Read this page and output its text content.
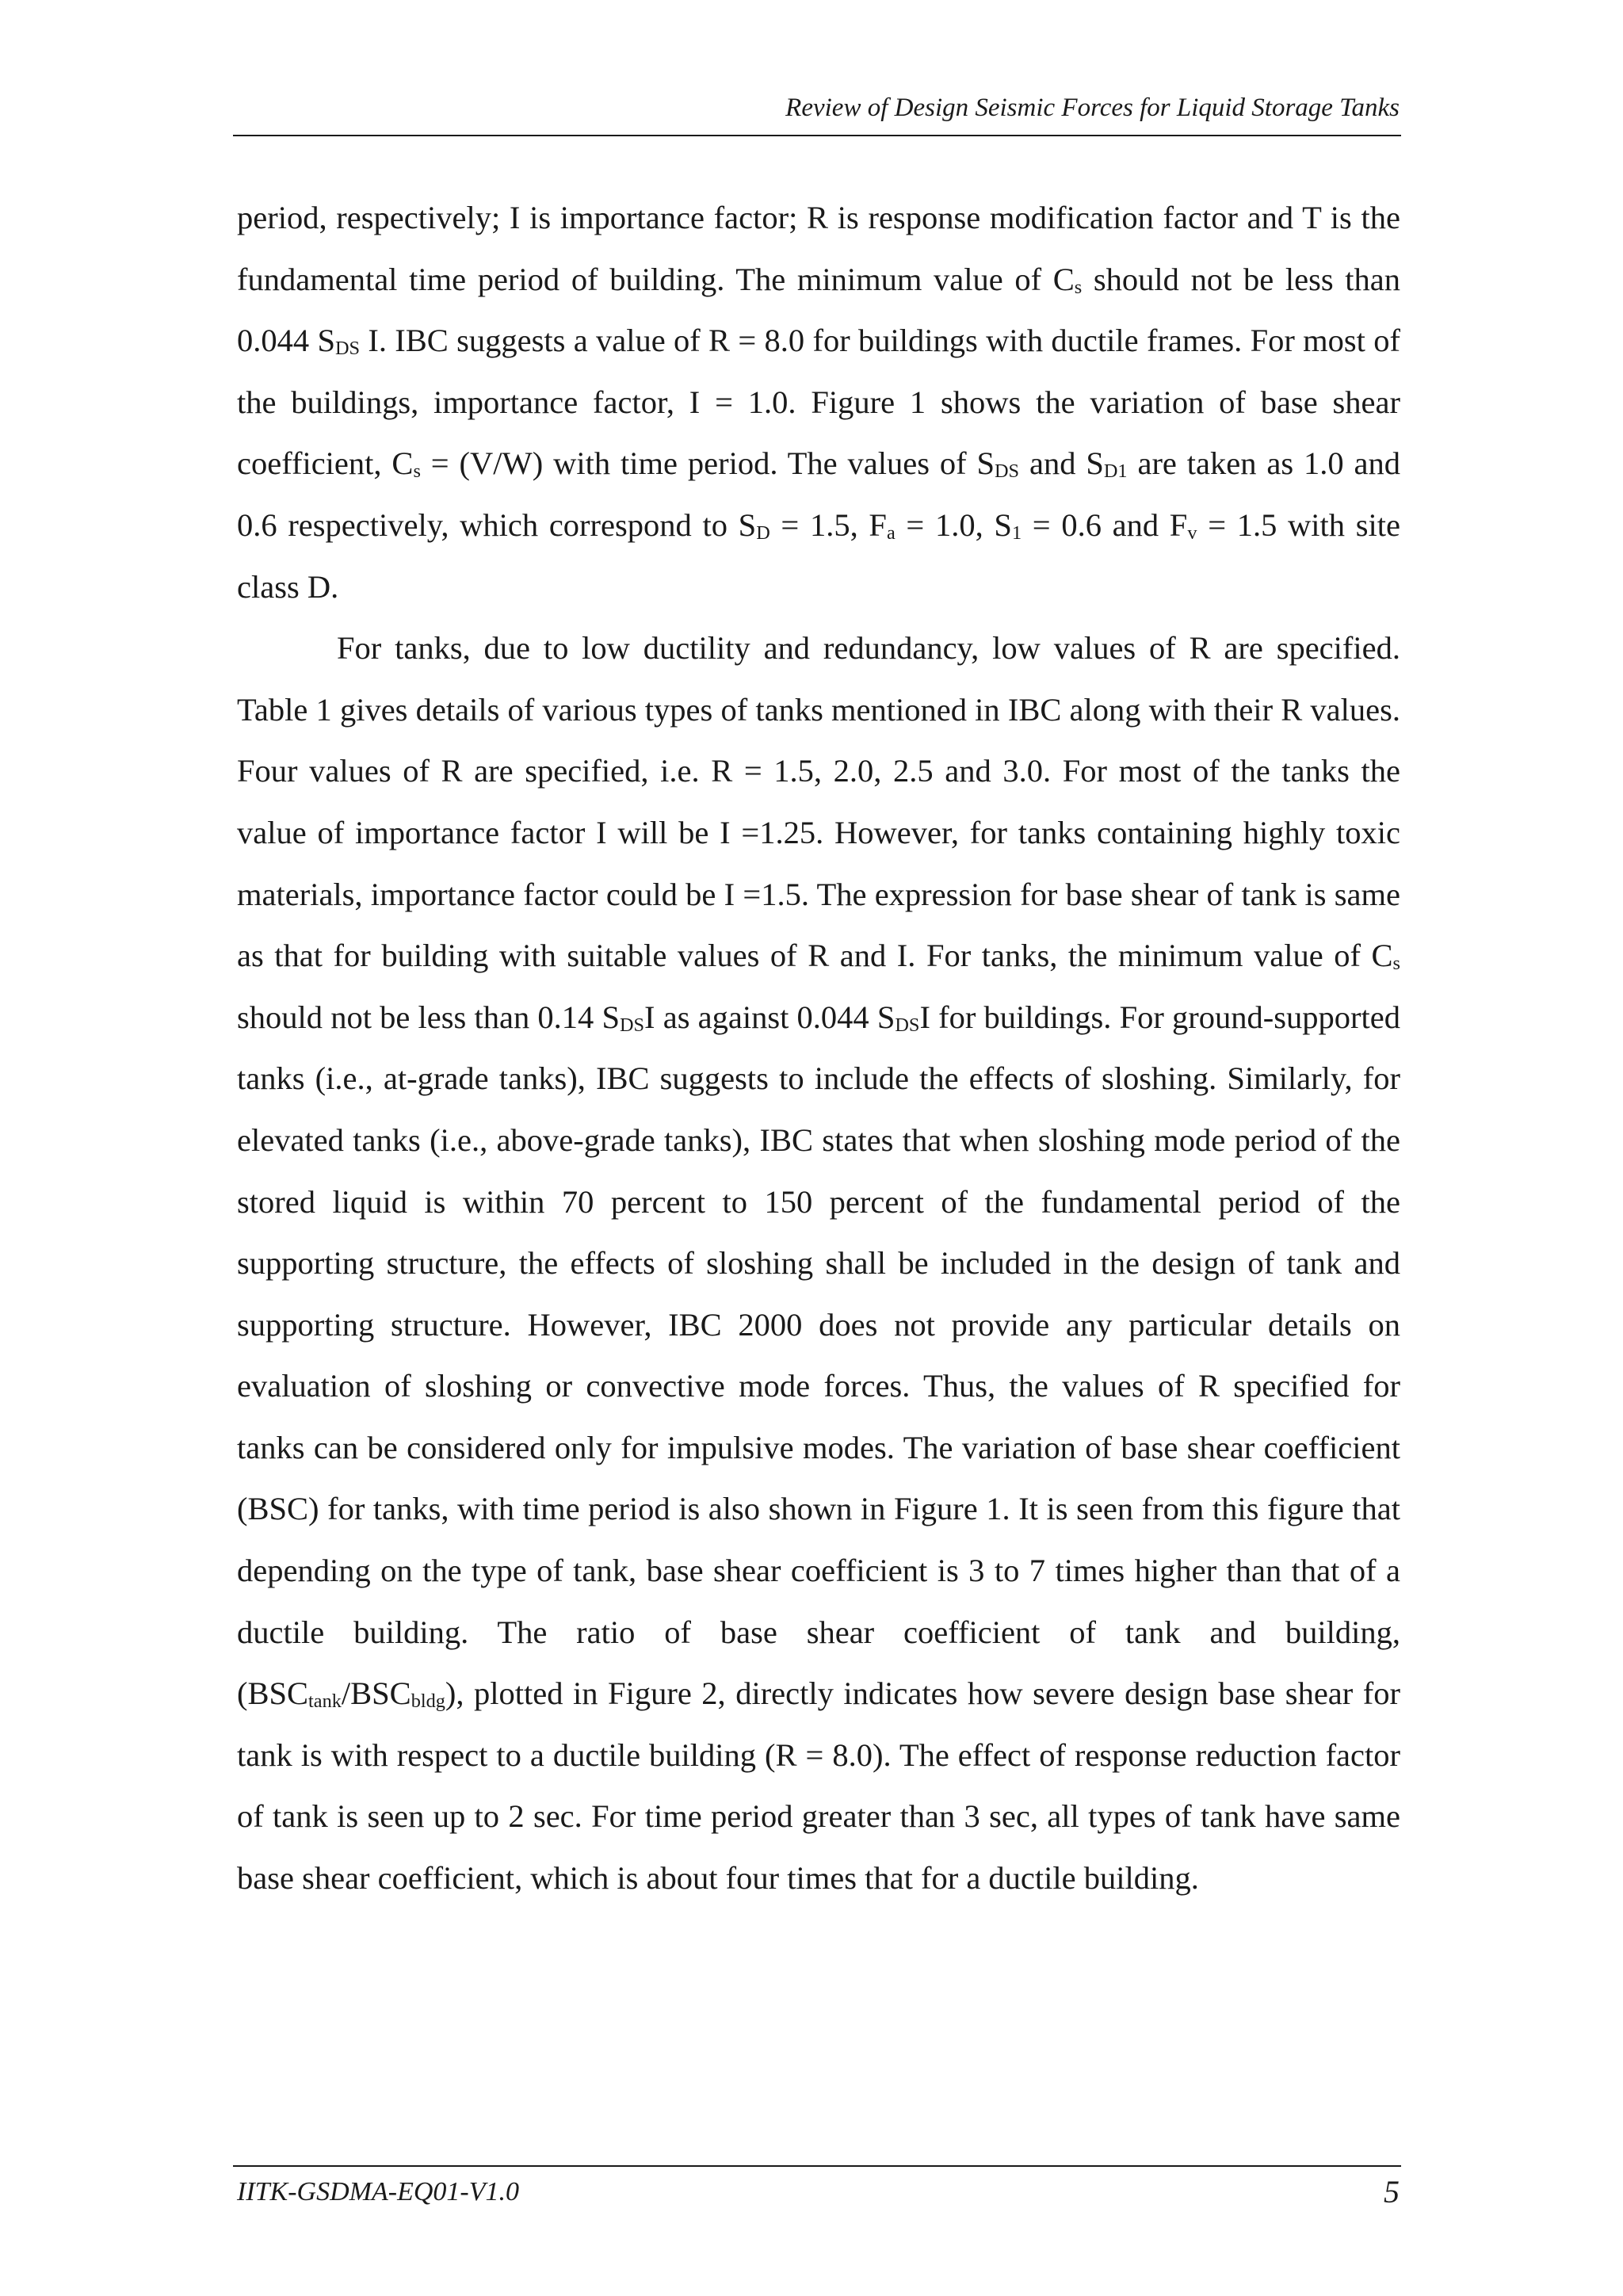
Review of Design Seismic Forces for Liquid Storage Tanks

period, respectively; I is importance factor; R is response modification factor and T is the fundamental time period of building. The minimum value of $C_s$ should not be less than 0.044 $S_{DS}$ I. IBC suggests a value of R = 8.0 for buildings with ductile frames. For most of the buildings, importance factor, I = 1.0. Figure 1 shows the variation of base shear coefficient, $C_s = (V/W)$ with time period. The values of $S_{DS}$ and $S_{D1}$ are taken as 1.0 and 0.6 respectively, which correspond to $S_D = 1.5$, $F_a = 1.0$, $S_1 = 0.6$ and $F_v = 1.5$ with site class D.

For tanks, due to low ductility and redundancy, low values of R are specified. Table 1 gives details of various types of tanks mentioned in IBC along with their R values. Four values of R are specified, i.e. R = 1.5, 2.0, 2.5 and 3.0. For most of the tanks the value of importance factor I will be I =1.25. However, for tanks containing highly toxic materials, importance factor could be I =1.5. The expression for base shear of tank is same as that for building with suitable values of R and I. For tanks, the minimum value of $C_s$ should not be less than 0.14 $S_{DS}I$ as against 0.044 $S_{DS}I$ for buildings. For ground-supported tanks (i.e., at-grade tanks), IBC suggests to include the effects of sloshing. Similarly, for elevated tanks (i.e., above-grade tanks), IBC states that when sloshing mode period of the stored liquid is within 70 percent to 150 percent of the fundamental period of the supporting structure, the effects of sloshing shall be included in the design of tank and supporting structure. However, IBC 2000 does not provide any particular details on evaluation of sloshing or convective mode forces. Thus, the values of R specified for tanks can be considered only for impulsive modes. The variation of base shear coefficient (BSC) for tanks, with time period is also shown in Figure 1. It is seen from this figure that depending on the type of tank, base shear coefficient is 3 to 7 times higher than that of a ductile building. The ratio of base shear coefficient of tank and building, $(BSC_{tank}/BSC_{bldg})$, plotted in Figure 2, directly indicates how severe design base shear for tank is with respect to a ductile building (R = 8.0). The effect of response reduction factor of tank is seen up to 2 sec. For time period greater than 3 sec, all types of tank have same base shear coefficient, which is about four times that for a ductile building.

IITK-GSDMA-EQ01-V1.0	5
